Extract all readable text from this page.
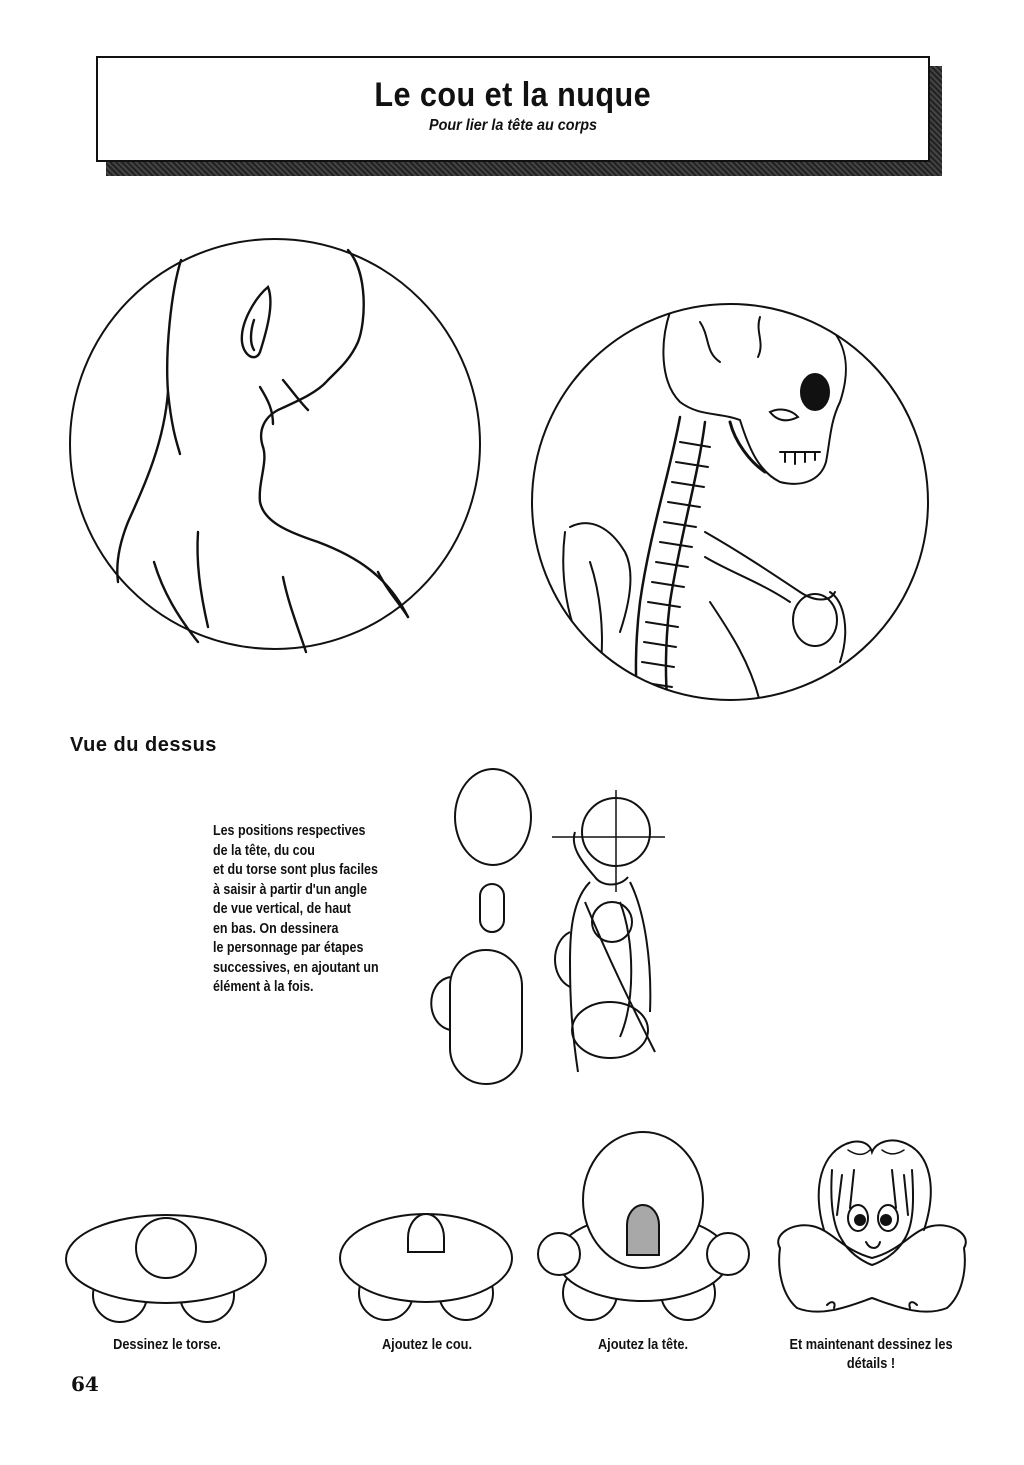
Le cou et la nuque
Pour lier la tête au corps
Vue du dessus
Les positions respectives
de la tête, du cou
et du torse sont plus faciles
à saisir à partir d'un angle
de vue vertical, de haut
en bas. On dessinera
le personnage par étapes
successives, en ajoutant un
élément à la fois.
Dessinez le torse.	Ajoutez le cou.	Ajoutez la tête.	Et maintenant dessinez les
détails !
64
